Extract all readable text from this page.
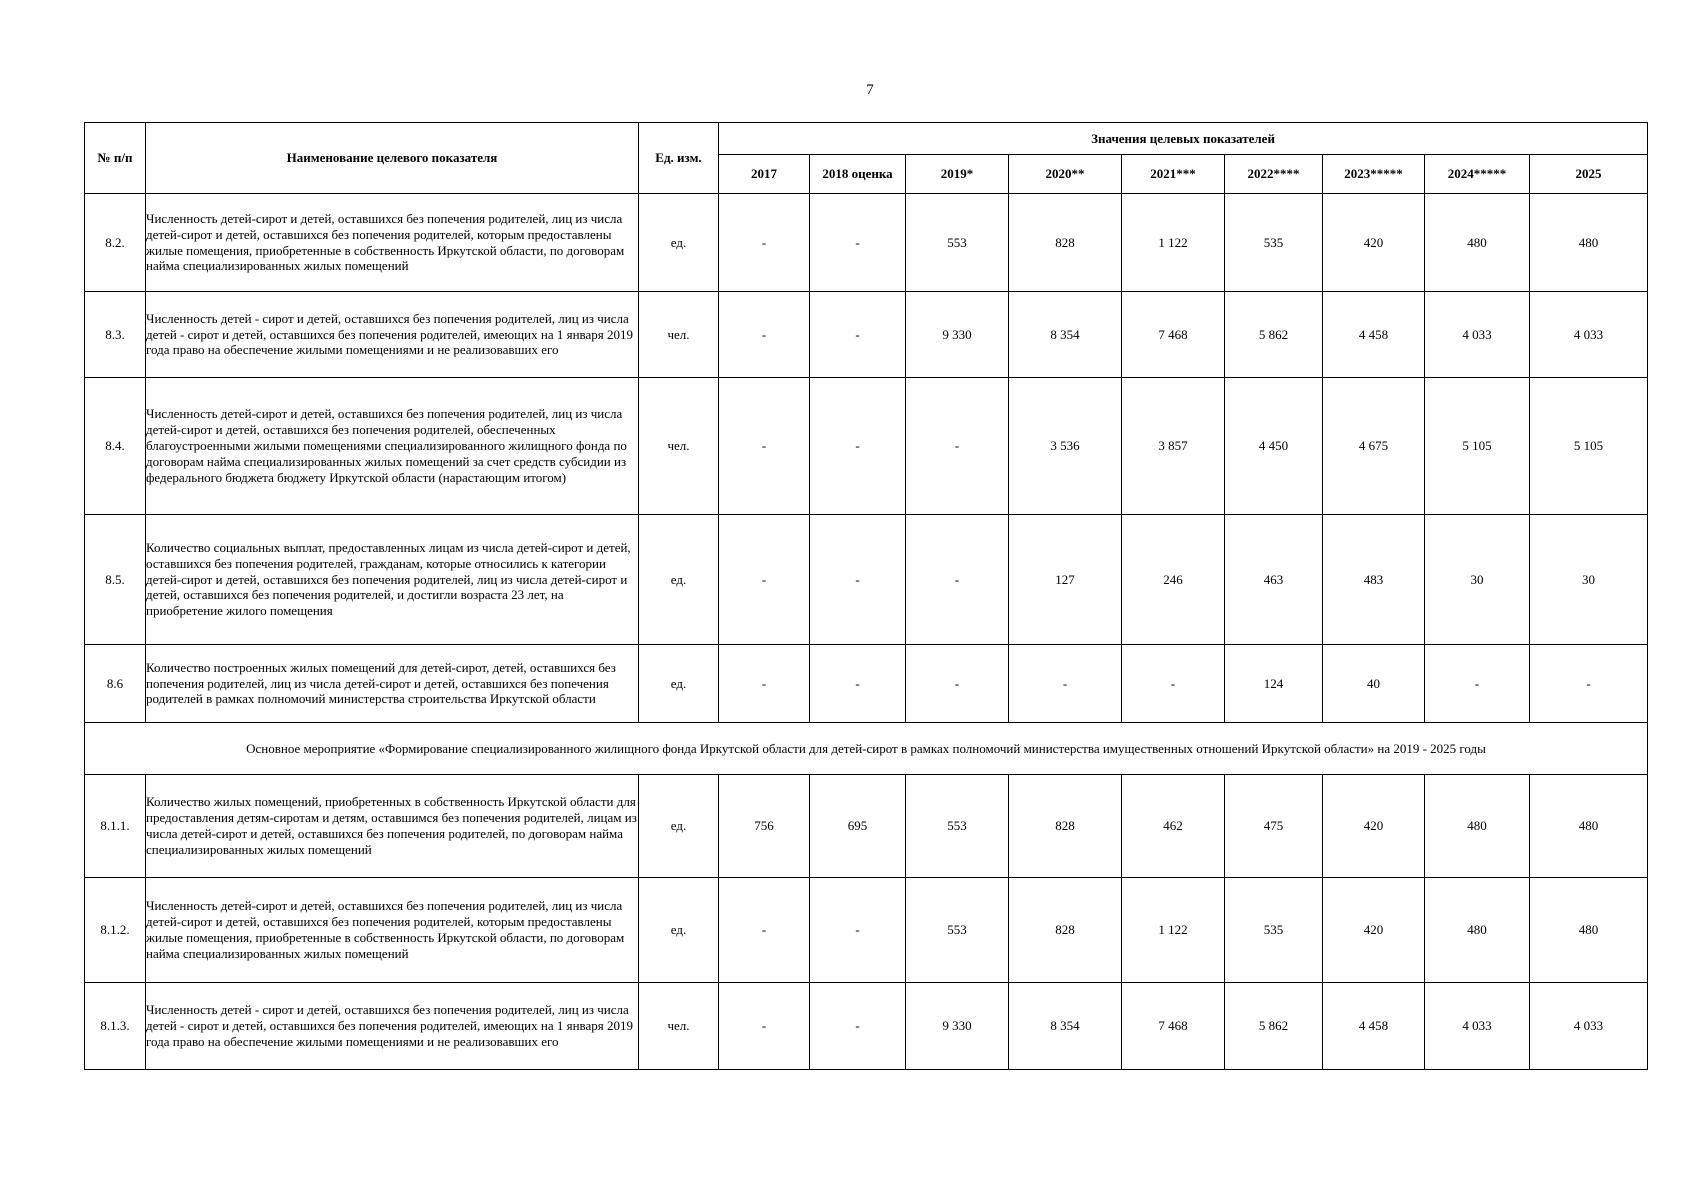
7
№ п/п	Наименование целевого показателя	Ед. изм.	Значения целевых показателей								
			2017	2018 оценка	2019*	2020**	2021***	2022****	2023*****	2024*****	2025
8.2.	Численность детей-сирот и детей, оставшихся без попечения родителей, лиц из числа детей-сирот и детей, оставшихся без попечения родителей, которым предоставлены жилые помещения, приобретенные в собственность Иркутской области, по договорам найма специализированных жилых помещений	ед.	-	-	553	828	1 122	535	420	480	480
8.3.	Численность детей - сирот и детей, оставшихся без попечения родителей, лиц из числа детей - сирот и детей, оставшихся без попечения родителей, имеющих на 1 января 2019 года право на обеспечение жилыми помещениями и не реализовавших его	чел.	-	-	9 330	8 354	7 468	5 862	4 458	4 033	4 033
8.4.	Численность детей-сирот и детей, оставшихся без попечения родителей, лиц из числа детей-сирот и детей, оставшихся без попечения родителей, обеспеченных благоустроенными жилыми помещениями специализированного жилищного фонда по договорам найма специализированных жилых помещений за счет средств субсидии из федерального бюджета бюджету Иркутской области (нарастающим итогом)	чел.	-	-	-	3 536	3 857	4 450	4 675	5 105	5 105
8.5.	Количество социальных выплат, предоставленных лицам из числа детей-сирот и детей, оставшихся без попечения родителей, гражданам, которые относились к категории детей-сирот и детей, оставшихся без попечения родителей, лиц из числа детей-сирот и детей, оставшихся без попечения родителей, и достигли возраста 23 лет, на приобретение жилого помещения	ед.	-	-	-	127	246	463	483	30	30
8.6	Количество построенных жилых помещений для детей-сирот, детей, оставшихся без попечения родителей, лиц из числа детей-сирот и детей, оставшихся без попечения родителей в рамках полномочий министерства строительства Иркутской области	ед.	-	-	-	-	-	124	40	-	-
Основное мероприятие «Формирование специализированного жилищного фонда Иркутской области для детей-сирот в рамках полномочий министерства имущественных отношений Иркутской области» на 2019 - 2025 годы											
8.1.1.	Количество жилых помещений, приобретенных в собственность Иркутской области для предоставления детям-сиротам и детям, оставшимся без попечения родителей, лицам из числа детей-сирот и детей, оставшихся без попечения родителей, по договорам найма специализированных жилых помещений	ед.	756	695	553	828	462	475	420	480	480
8.1.2.	Численность детей-сирот и детей, оставшихся без попечения родителей, лиц из числа детей-сирот и детей, оставшихся без попечения родителей, которым предоставлены жилые помещения, приобретенные в собственность Иркутской области, по договорам найма специализированных жилых помещений	ед.	-	-	553	828	1 122	535	420	480	480
8.1.3.	Численность детей - сирот и детей, оставшихся без попечения родителей, лиц из числа детей - сирот и детей, оставшихся без попечения родителей, имеющих на 1 января 2019 года право на обеспечение жилыми помещениями и не реализовавших его	чел.	-	-	9 330	8 354	7 468	5 862	4 458	4 033	4 033
